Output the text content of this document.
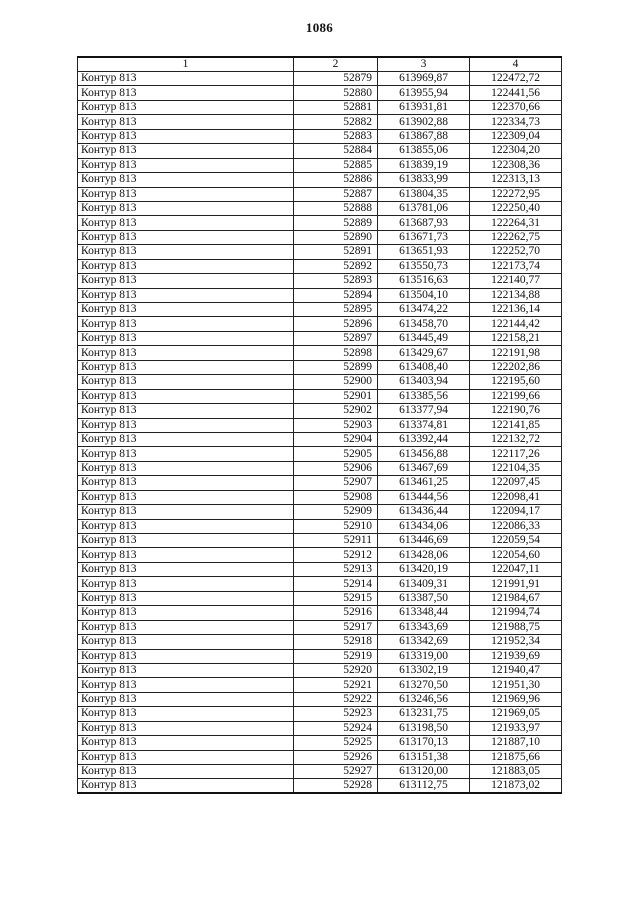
1086
1	2	3	4
Контур 813	52879	613969,87	122472,72
Контур 813	52880	613955,94	122441,56
Контур 813	52881	613931,81	122370,66
Контур 813	52882	613902,88	122334,73
Контур 813	52883	613867,88	122309,04
Контур 813	52884	613855,06	122304,20
Контур 813	52885	613839,19	122308,36
Контур 813	52886	613833,99	122313,13
Контур 813	52887	613804,35	122272,95
Контур 813	52888	613781,06	122250,40
Контур 813	52889	613687,93	122264,31
Контур 813	52890	613671,73	122262,75
Контур 813	52891	613651,93	122252,70
Контур 813	52892	613550,73	122173,74
Контур 813	52893	613516,63	122140,77
Контур 813	52894	613504,10	122134,88
Контур 813	52895	613474,22	122136,14
Контур 813	52896	613458,70	122144,42
Контур 813	52897	613445,49	122158,21
Контур 813	52898	613429,67	122191,98
Контур 813	52899	613408,40	122202,86
Контур 813	52900	613403,94	122195,60
Контур 813	52901	613385,56	122199,66
Контур 813	52902	613377,94	122190,76
Контур 813	52903	613374,81	122141,85
Контур 813	52904	613392,44	122132,72
Контур 813	52905	613456,88	122117,26
Контур 813	52906	613467,69	122104,35
Контур 813	52907	613461,25	122097,45
Контур 813	52908	613444,56	122098,41
Контур 813	52909	613436,44	122094,17
Контур 813	52910	613434,06	122086,33
Контур 813	52911	613446,69	122059,54
Контур 813	52912	613428,06	122054,60
Контур 813	52913	613420,19	122047,11
Контур 813	52914	613409,31	121991,91
Контур 813	52915	613387,50	121984,67
Контур 813	52916	613348,44	121994,74
Контур 813	52917	613343,69	121988,75
Контур 813	52918	613342,69	121952,34
Контур 813	52919	613319,00	121939,69
Контур 813	52920	613302,19	121940,47
Контур 813	52921	613270,50	121951,30
Контур 813	52922	613246,56	121969,96
Контур 813	52923	613231,75	121969,05
Контур 813	52924	613198,50	121933,97
Контур 813	52925	613170,13	121887,10
Контур 813	52926	613151,38	121875,66
Контур 813	52927	613120,00	121883,05
Контур 813	52928	613112,75	121873,02
